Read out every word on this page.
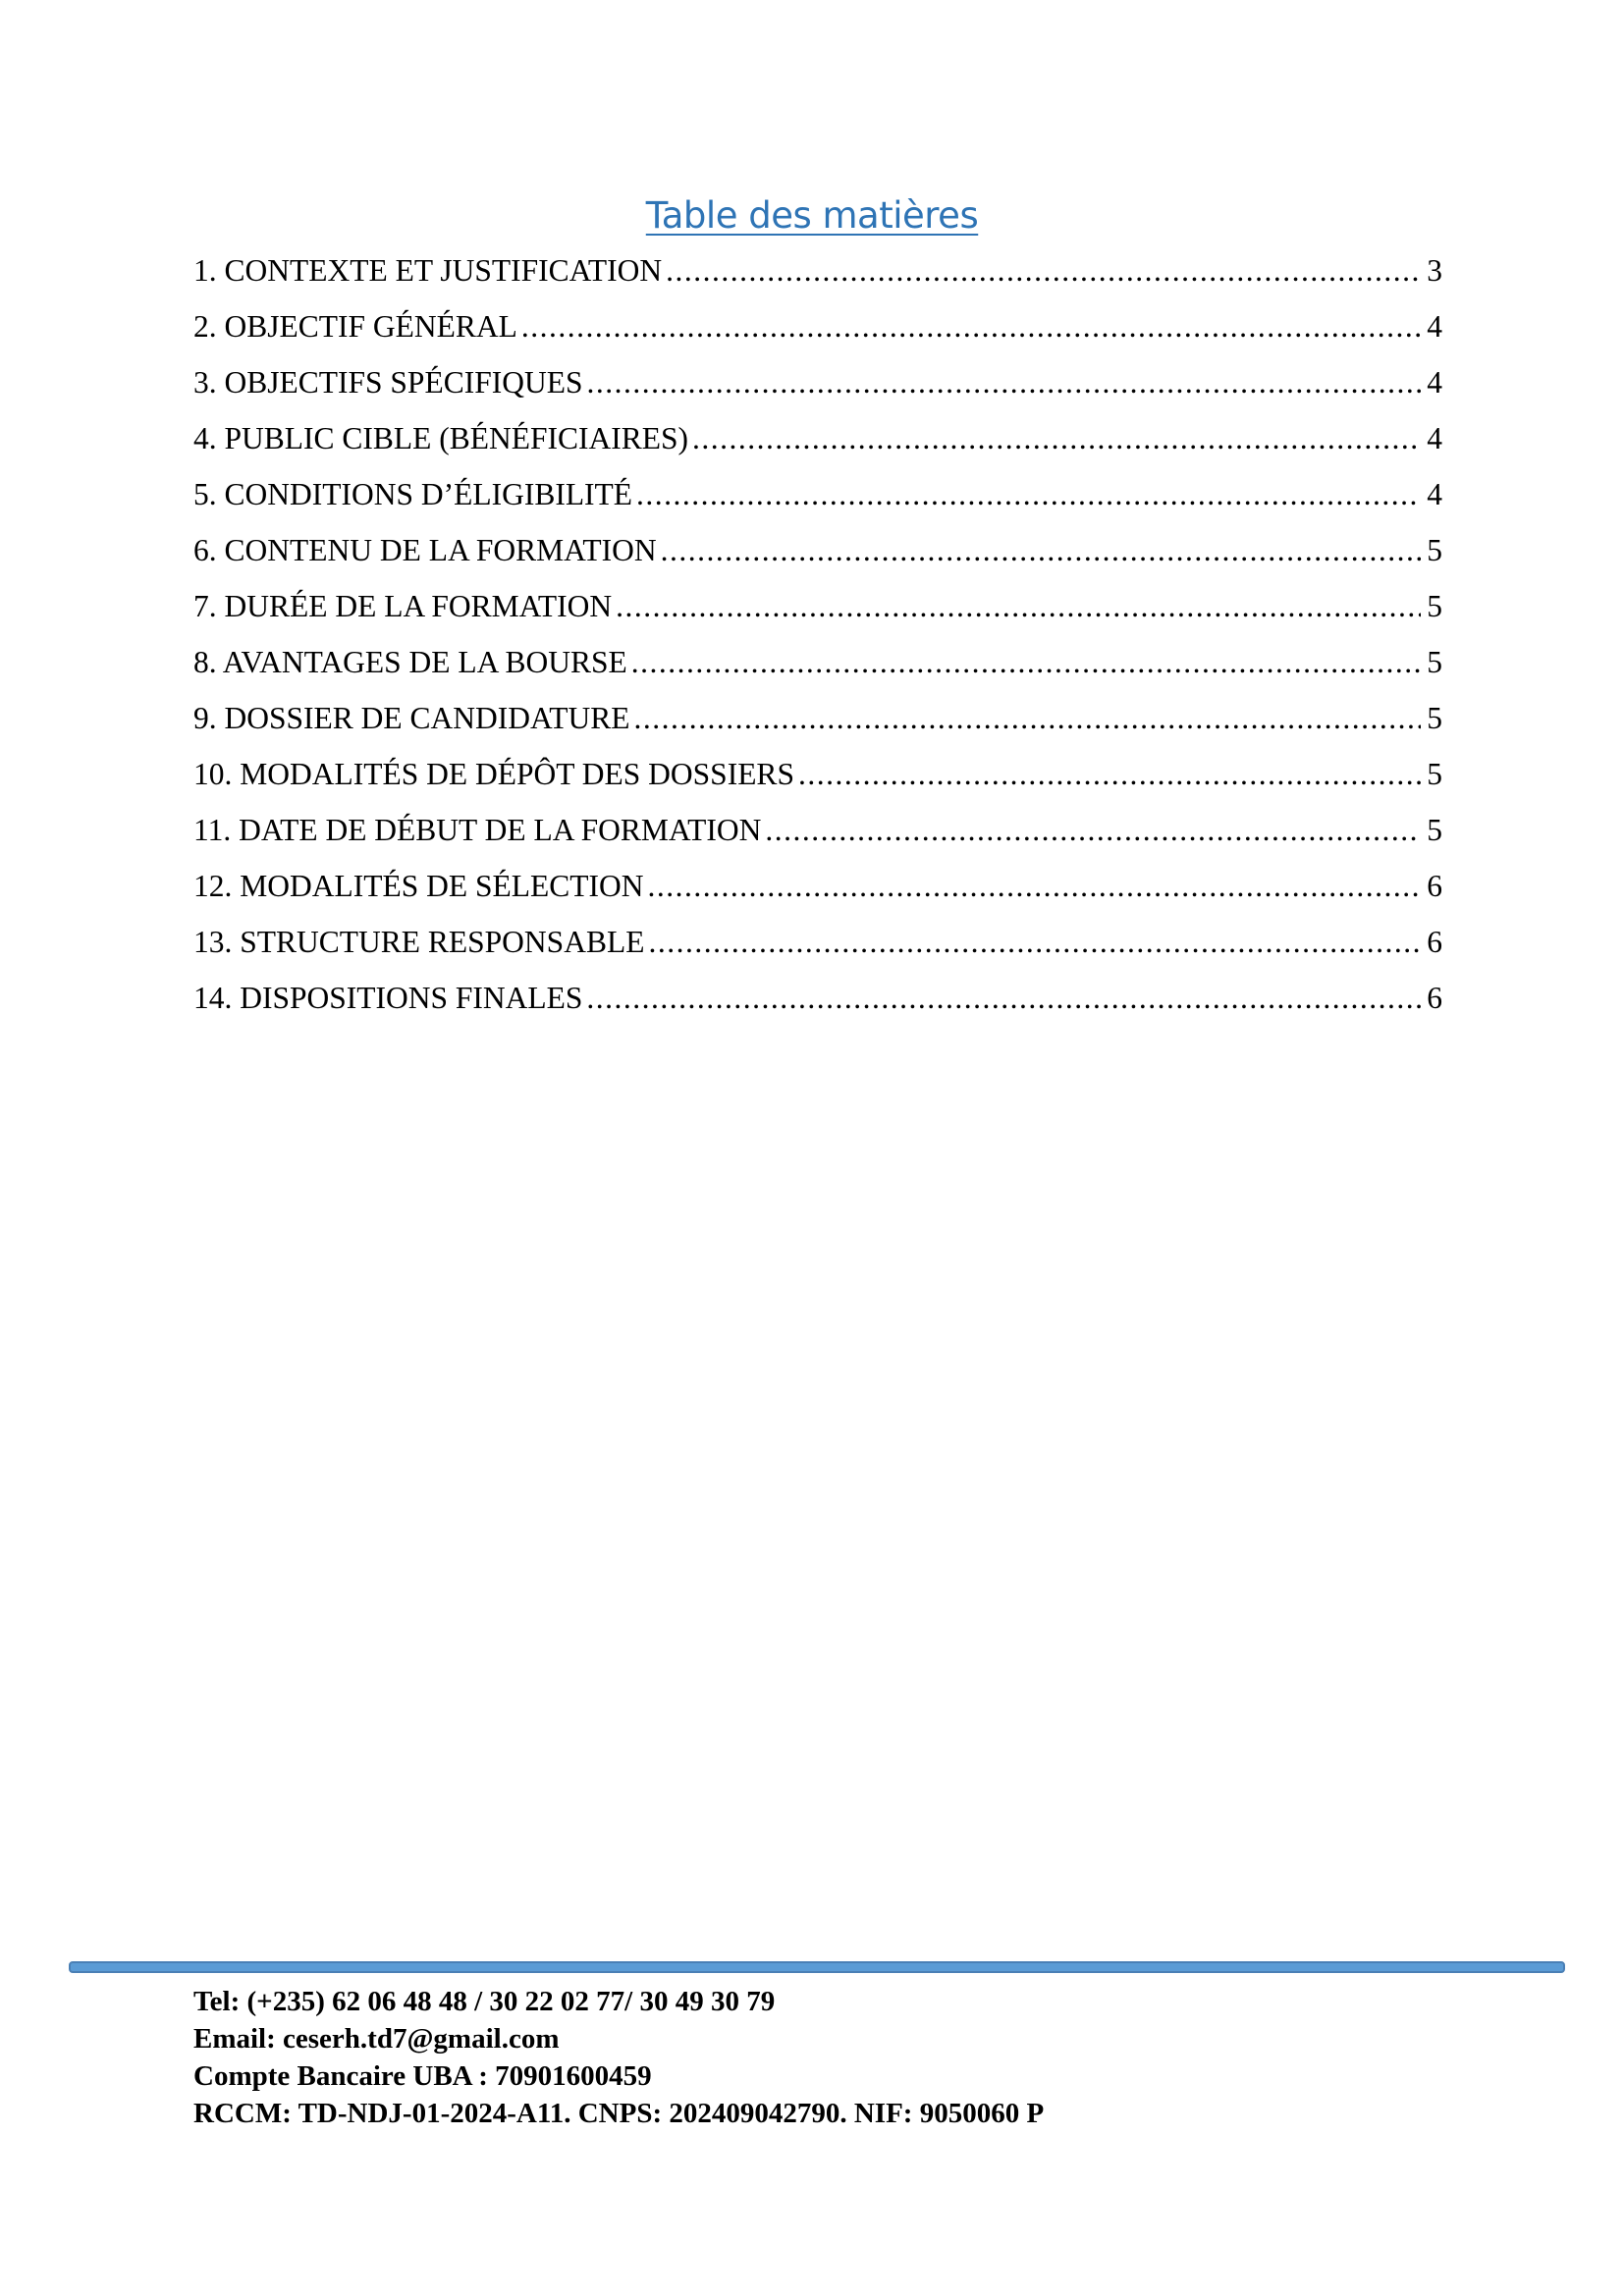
Table des matières
1. CONTEXTE ET JUSTIFICATION .....	3
2. OBJECTIF GÉNÉRAL .....	4
3. OBJECTIFS SPÉCIFIQUES .....	4
4. PUBLIC CIBLE (BÉNÉFICIAIRES) .....	4
5. CONDITIONS D’ÉLIGIBILITÉ .....	4
6. CONTENU DE LA FORMATION .....	5
7. DURÉE DE LA FORMATION .....	5
8. AVANTAGES DE LA BOURSE .....	5
9. DOSSIER DE CANDIDATURE .....	5
10. MODALITÉS DE DÉPÔT DES DOSSIERS .....	5
11. DATE DE DÉBUT DE LA FORMATION .....	5
12. MODALITÉS DE SÉLECTION .....	6
13. STRUCTURE RESPONSABLE .....	6
14. DISPOSITIONS FINALES .....	6
Tel: (+235) 62 06 48 48 / 30 22 02 77/ 30 49 30 79
Email: ceserh.td7@gmail.com
Compte Bancaire UBA : 70901600459
RCCM: TD-NDJ-01-2024-A11. CNPS: 202409042790. NIF: 9050060 P
